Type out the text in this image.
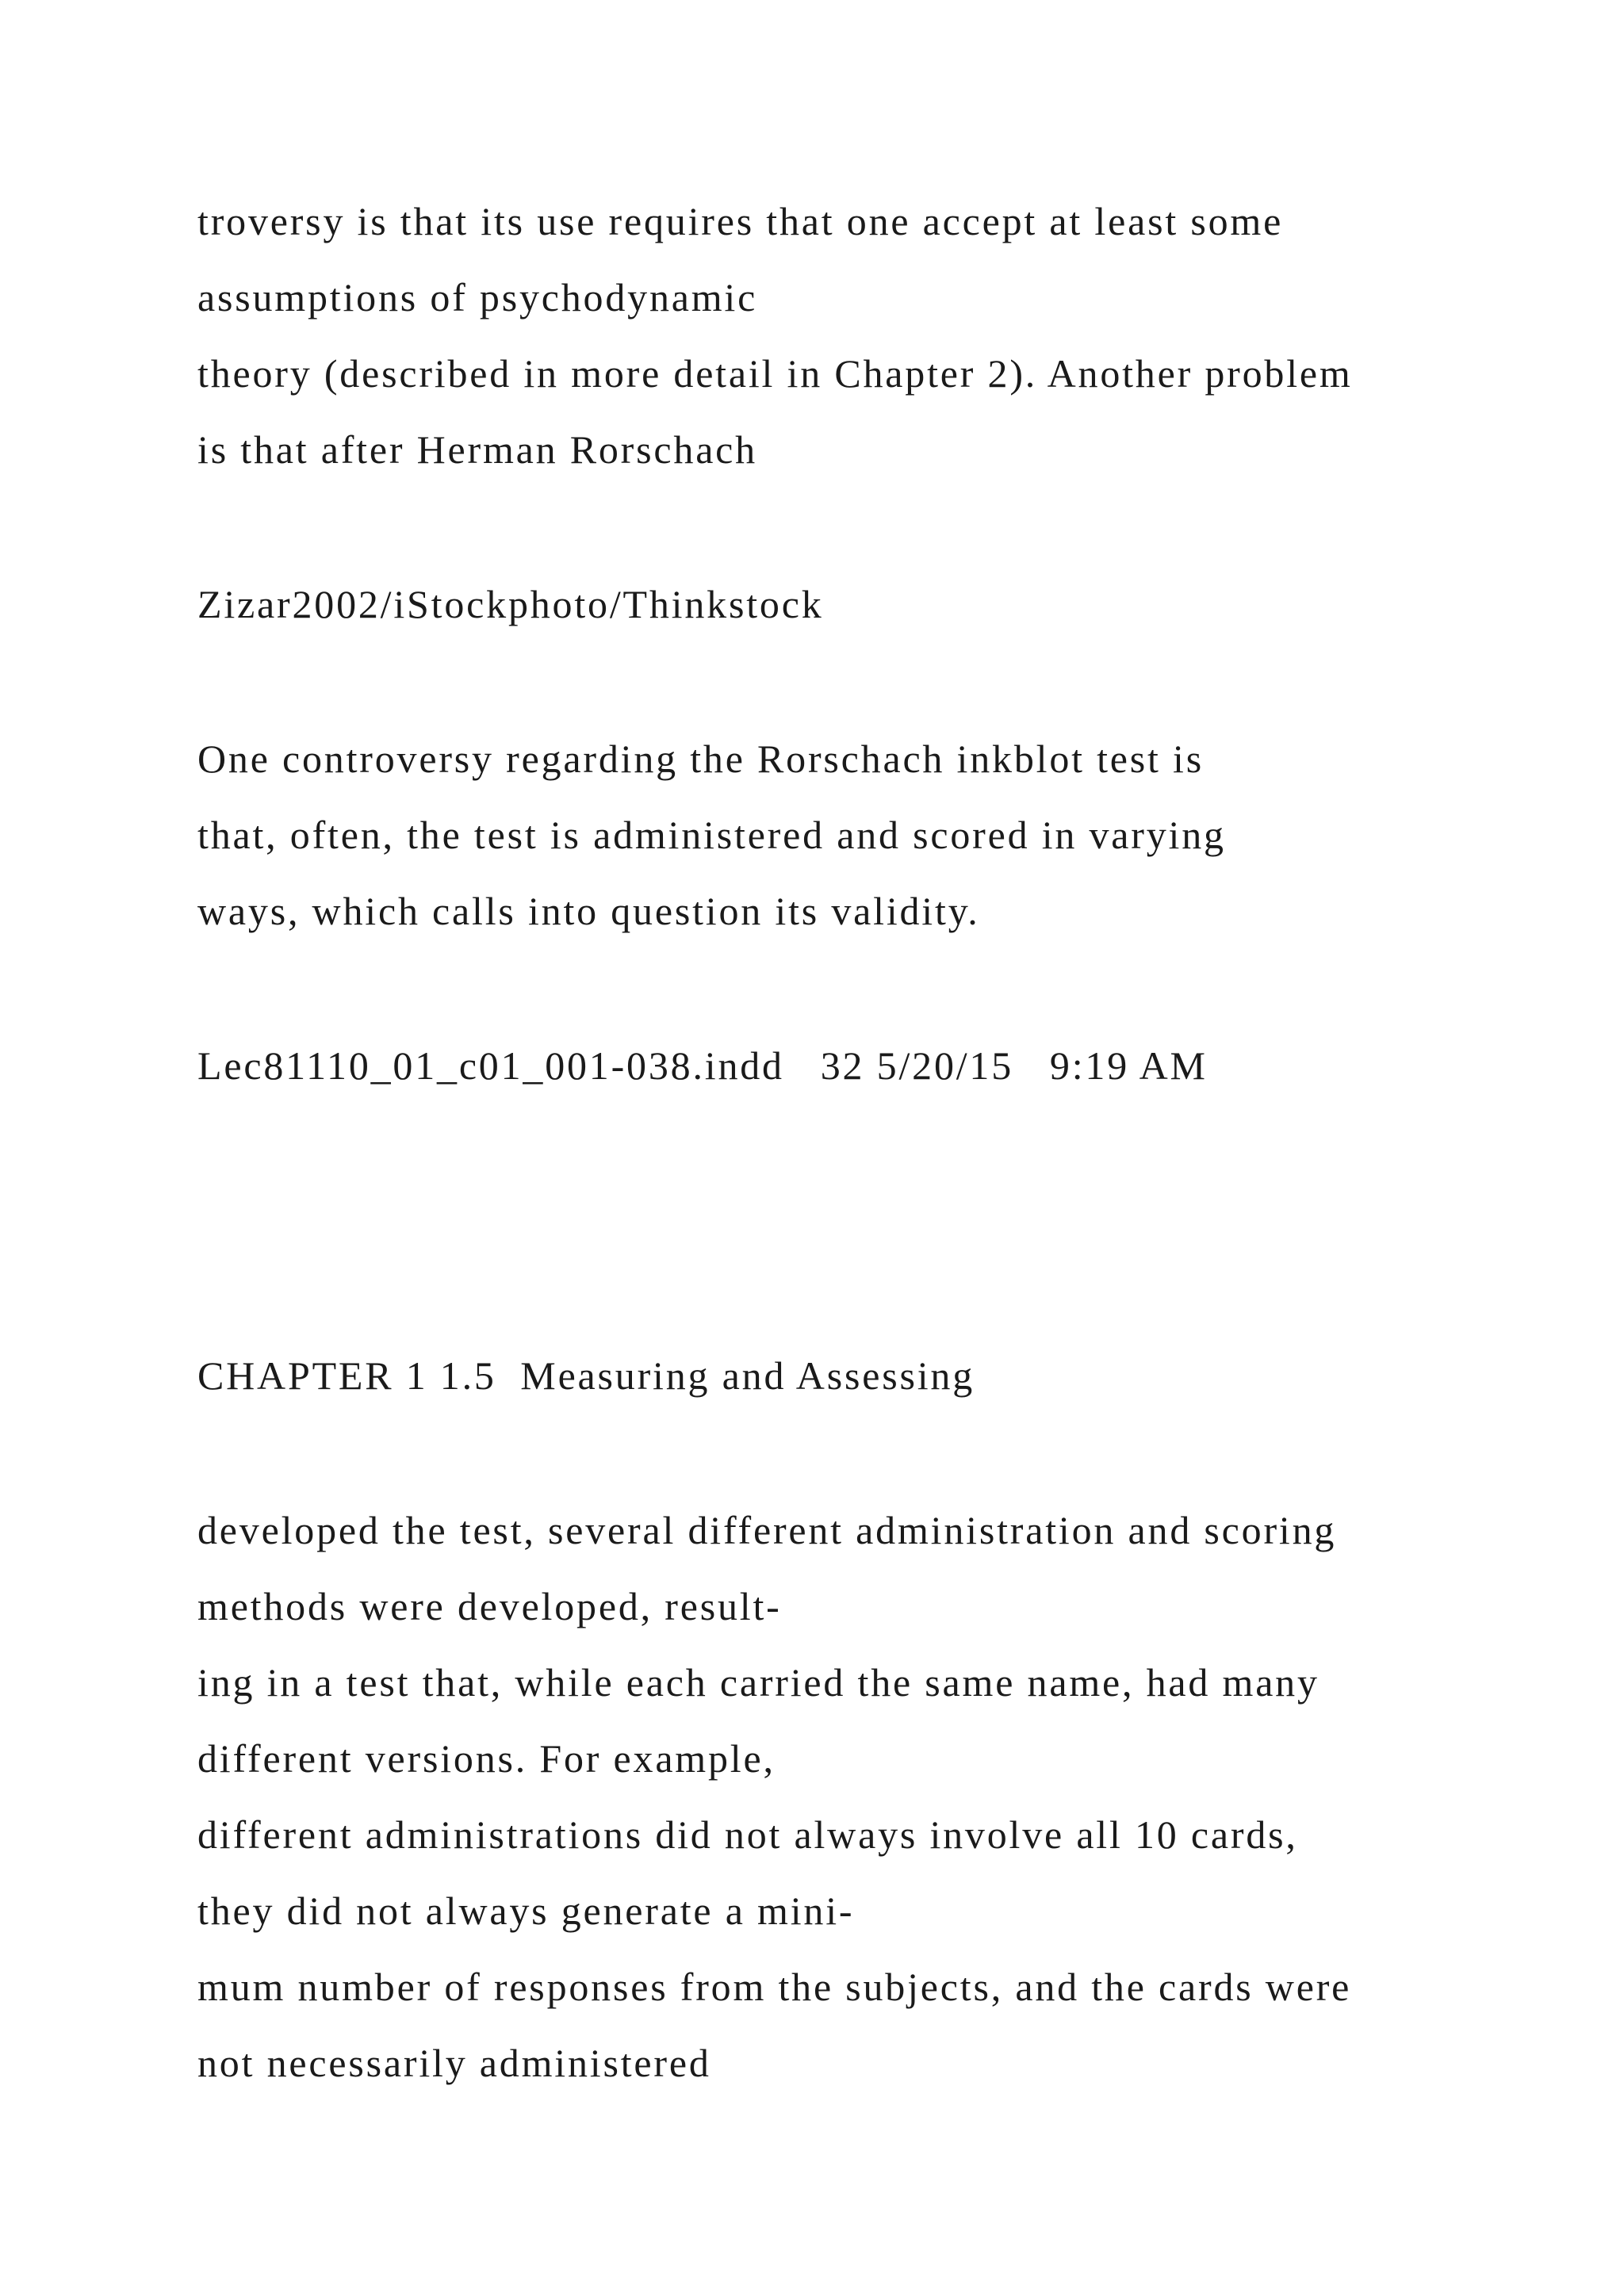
troversy is that its use requires that one accept at least some

assumptions of psychodynamic

theory (described in more detail in Chapter 2). Another problem

is that after Herman Rorschach

Zizar2002/iStockphoto/Thinkstock

One controversy regarding the Rorschach inkblot test is

that, often, the test is administered and scored in varying

ways, which calls into question its validity.

Lec81110_01_c01_001-038.indd   32 5/20/15   9:19 AM

CHAPTER 1 1.5  Measuring and Assessing

developed the test, several different administration and scoring

methods were developed, result-

ing in a test that, while each carried the same name, had many

different versions. For example,

different administrations did not always involve all 10 cards,

they did not always generate a mini-

mum number of responses from the subjects, and the cards were

not necessarily administered
